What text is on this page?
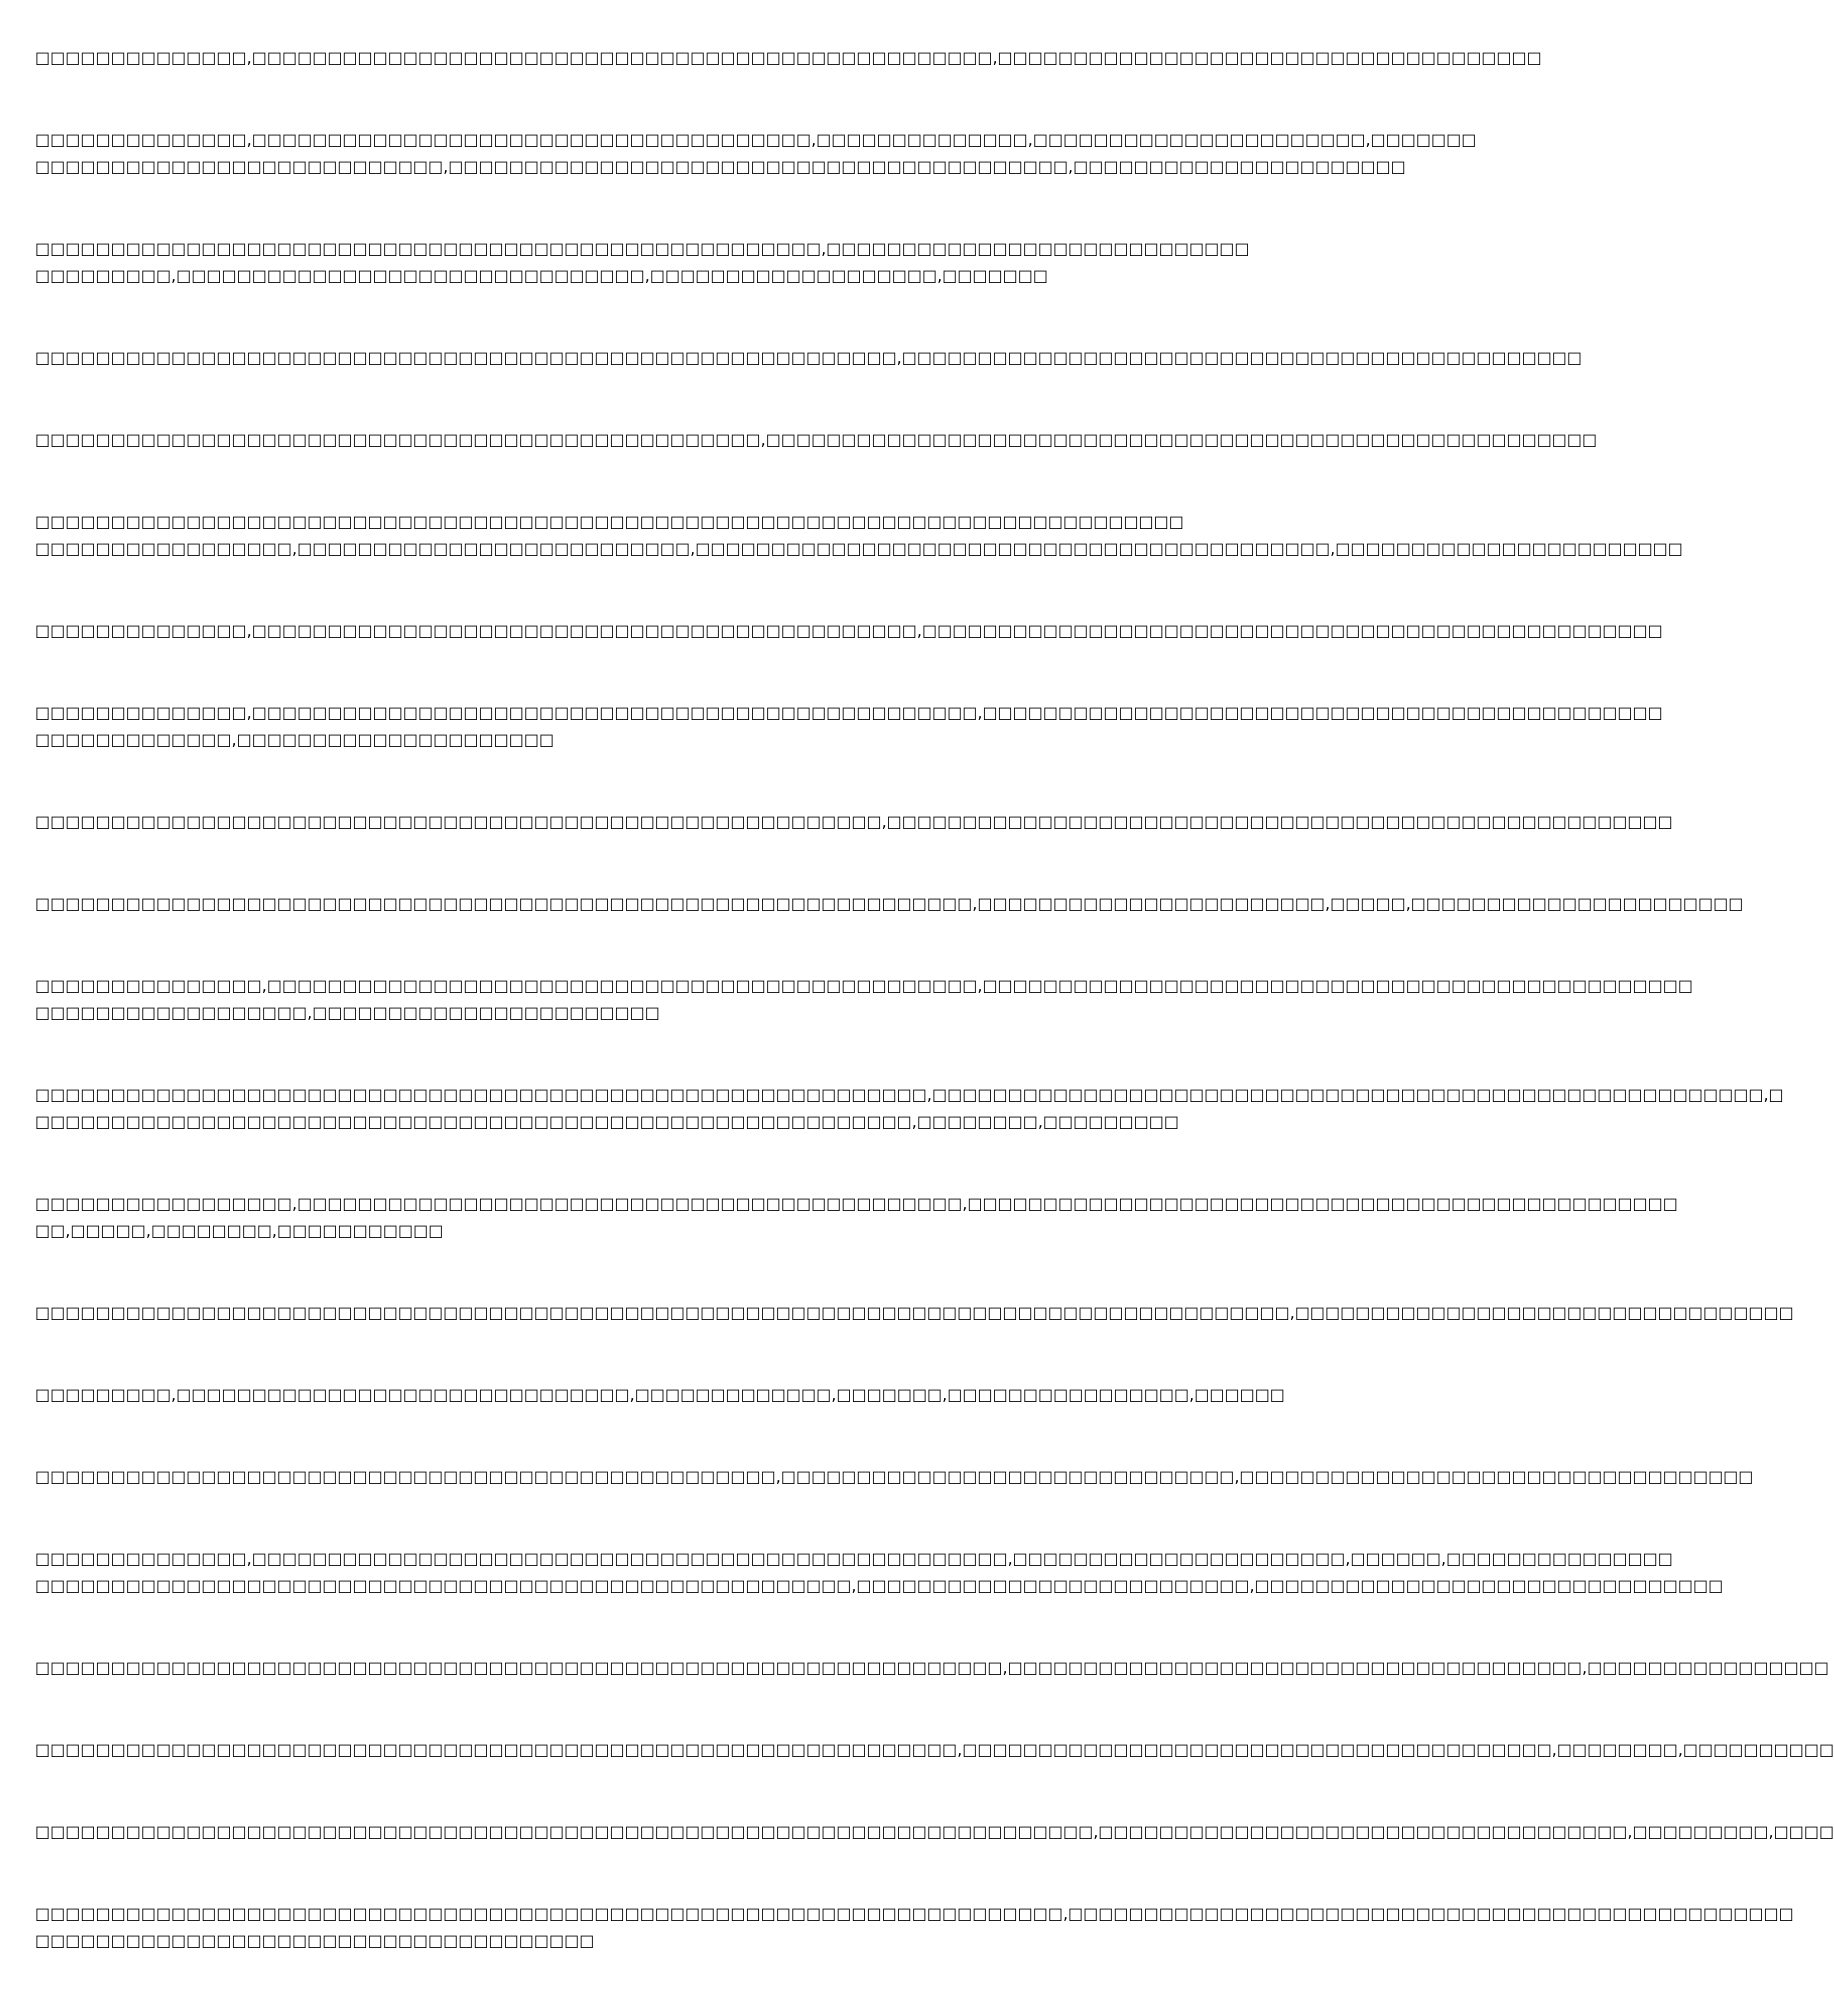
□□□□□□□□□□□□□□,□□□□□□□□□□□□□□□□□□□□□□□□□□□□□□□□□□□□□□□□□□□□□□□□□,□□□□□□□□□□□□□□□□□□□□□□□□□□□□□□□□□□□□

□□□□□□□□□□□□□□,□□□□□□□□□□□□□□□□□□□□□□□□□□□□□□□□□□□□□,□□□□□□□□□□□□□□,□□□□□□□□□□□□□□□□□□□□□□,□□□□□□□
□□□□□□□□□□□□□□□□□□□□□□□□□□□,□□□□□□□□□□□□□□□□□□□□□□□□□□□□□□□□□□□□□□□□□,□□□□□□□□□□□□□□□□□□□□□□

□□□□□□□□□□□□□□□□□□□□□□□□□□□□□□□□□□□□□□□□□□□□□□□□□□□□,□□□□□□□□□□□□□□□□□□□□□□□□□□□□
□□□□□□□□□,□□□□□□□□□□□□□□□□□□□□□□□□□□□□□□□,□□□□□□□□□□□□□□□□□□□,□□□□□□□

□□□□□□□□□□□□□□□□□□□□□□□□□□□□□□□□□□□□□□□□□□□□□□□□□□□□□□□□□,□□□□□□□□□□□□□□□□□□□□□□□□□□□□□□□□□□□□□□□□□□□□□

□□□□□□□□□□□□□□□□□□□□□□□□□□□□□□□□□□□□□□□□□□□□□□□□,□□□□□□□□□□□□□□□□□□□□□□□□□□□□□□□□□□□□□□□□□□□□□□□□□□□□□□□

□□□□□□□□□□□□□□□□□□□□□□□□□□□□□□□□□□□□□□□□□□□□□□□□□□□□□□□□□□□□□□□□□□□□□□□□□□□□
□□□□□□□□□□□□□□□□□,□□□□□□□□□□□□□□□□□□□□□□□□□□,□□□□□□□□□□□□□□□□□□□□□□□□□□□□□□□□□□□□□□□□□□,□□□□□□□□□□□□□□□□□□□□□□□

□□□□□□□□□□□□□□,□□□□□□□□□□□□□□□□□□□□□□□□□□□□□□□□□□□□□□□□□□□□,□□□□□□□□□□□□□□□□□□□□□□□□□□□□□□□□□□□□□□□□□□□□□□□□□

□□□□□□□□□□□□□□,□□□□□□□□□□□□□□□□□□□□□□□□□□□□□□□□□□□□□□□□□□□□□□□□,□□□□□□□□□□□□□□□□□□□□□□□□□□□□□□□□□□□□□□□□□□□□□
□□□□□□□□□□□□□,□□□□□□□□□□□□□□□□□□□□□

□□□□□□□□□□□□□□□□□□□□□□□□□□□□□□□□□□□□□□□□□□□□□□□□□□□□□□□□,□□□□□□□□□□□□□□□□□□□□□□□□□□□□□□□□□□□□□□□□□□□□□□□□□□□□

□□□□□□□□□□□□□□□□□□□□□□□□□□□□□□□□□□□□□□□□□□□□□□□□□□□□□□□□□□□□□□,□□□□□□□□□□□□□□□□□□□□□□□,□□□□□,□□□□□□□□□□□□□□□□□□□□□□

□□□□□□□□□□□□□□□,□□□□□□□□□□□□□□□□□□□□□□□□□□□□□□□□□□□□□□□□□□□□□□□,□□□□□□□□□□□□□□□□□□□□□□□□□□□□□□□□□□□□□□□□□□□□□□□
□□□□□□□□□□□□□□□□□□,□□□□□□□□□□□□□□□□□□□□□□□

□□□□□□□□□□□□□□□□□□□□□□□□□□□□□□□□□□□□□□□□□□□□□□□□□□□□□□□□□□□,□□□□□□□□□□□□□□□□□□□□□□□□□□□□□□□□□□□□□□□□□□□□□□□□□□□□□□□,□
□□□□□□□□□□□□□□□□□□□□□□□□□□□□□□□□□□□□□□□□□□□□□□□□□□□□□□□□□□,□□□□□□□□,□□□□□□□□□

□□□□□□□□□□□□□□□□□,□□□□□□□□□□□□□□□□□□□□□□□□□□□□□□□□□□□□□□□□□□□□,□□□□□□□□□□□□□□□□□□□□□□□□□□□□□□□□□□□□□□□□□□□□□□□
□□,□□□□□,□□□□□□□□,□□□□□□□□□□□

□□□□□□□□□□□□□□□□□□□□□□□□□□□□□□□□□□□□□□□□□□□□□□□□□□□□□□□□□□□□□□□□□□□□□□□□□□□□□□□□□□□,□□□□□□□□□□□□□□□□□□□□□□□□□□□□□□□□□

□□□□□□□□□,□□□□□□□□□□□□□□□□□□□□□□□□□□□□□□,□□□□□□□□□□□□□,□□□□□□□,□□□□□□□□□□□□□□□□,□□□□□□

□□□□□□□□□□□□□□□□□□□□□□□□□□□□□□□□□□□□□□□□□□□□□□□□□,□□□□□□□□□□□□□□□□□□□□□□□□□□□□□□,□□□□□□□□□□□□□□□□□□□□□□□□□□□□□□□□□□

□□□□□□□□□□□□□□,□□□□□□□□□□□□□□□□□□□□□□□□□□□□□□□□□□□□□□□□□□□□□□□□□□,□□□□□□□□□□□□□□□□□□□□□□,□□□□□□,□□□□□□□□□□□□□□□
□□□□□□□□□□□□□□□□□□□□□□□□□□□□□□□□□□□□□□□□□□□□□□□□□□□□□□,□□□□□□□□□□□□□□□□□□□□□□□□□□,□□□□□□□□□□□□□□□□□□□□□□□□□□□□□□□

□□□□□□□□□□□□□□□□□□□□□□□□□□□□□□□□□□□□□□□□□□□□□□□□□□□□□□□□□□□□□□□□,□□□□□□□□□□□□□□□□□□□□□□□□□□□□□□□□□□□□□□,□□□□□□□□□□□□□□□□

□□□□□□□□□□□□□□□□□□□□□□□□□□□□□□□□□□□□□□□□□□□□□□□□□□□□□□□□□□□□□,□□□□□□□□□□□□□□□□□□□□□□□□□□□□□□□□□□□□□□□,□□□□□□□□,□□□□□□□□□□

□□□□□□□□□□□□□□□□□□□□□□□□□□□□□□□□□□□□□□□□□□□□□□□□□□□□□□□□□□□□□□□□□□□□□□,□□□□□□□□□□□□□□□□□□□□□□□□□□□□□□□□□□□,□□□□□□□□□,□□□□

□□□□□□□□□□□□□□□□□□□□□□□□□□□□□□□□□□□□□□□□□□□□□□□□□□□□□□□□□□□□□□□□□□□□,□□□□□□□□□□□□□□□□□□□□□□□□□□□□□□□□□□□□□□□□□□□□□□□□
□□□□□□□□□□□□□□□□□□□□□□□□□□□□□□□□□□□□□
